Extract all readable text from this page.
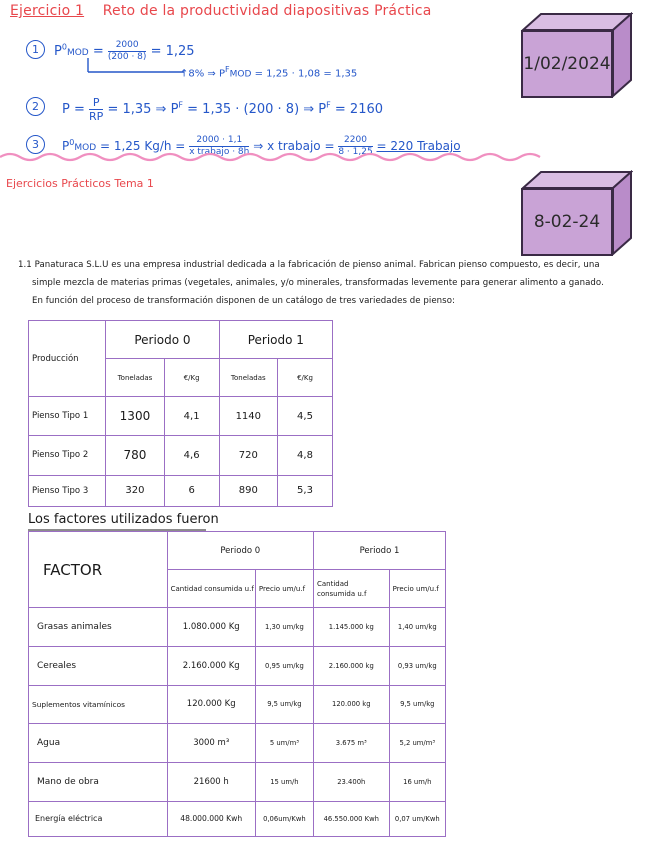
Ejercicio 1 Reto de la productividad diapositivas Práctica
1/02/2024
1	$P^0MOD = \frac{2000}{(200 \cdot 8)} = 1,25$
↑8% ⇒ $P^FMOD = 1,25 \cdot 1,08 = 1,35$
2	$P = \frac{P}{RP} = 1,35$ ⇒ $P^F = 1,35 \cdot (200 \cdot 8)$ ⇒ $P^F = 2160$
3	$P^0MOD = 1,25$ $Kg/h = \frac{2000 \cdot 1,1}{\text{x trabajo · 8h}}$ ⇒ x trabajo = $\frac{2200}{8 \cdot 1,25} = 220$ Trabajo
Ejercicios Prácticos Tema 1
8-02-24
1.1 Panaturaca S.L.U es una empresa industrial dedicada a la fabricación de pienso animal. Fabrican pienso compuesto, es decir, una
simple mezcla de materias primas (vegetales, animales, y/o minerales, transformadas levemente para generar alimento a ganado.
En función del proceso de transformación disponen de un catálogo de tres variedades de pienso:
Producción	Periodo 0		Periodo 1	
	Toneladas	€/Kg	Toneladas	€/Kg
Pienso Tipo 1	1300	4,1	1140	4,5
Pienso Tipo 2	780	4,6	720	4,8
Pienso Tipo 3	320	6	890	5,3
Los factores utilizados fueron
FACTOR	Periodo 0		Periodo 1	
	Cantidad consumida u.f	Precio um/u.f	Cantidad consumida u.f	Precio um/u.f
Grasas animales	1.080.000 Kg	1,30 um/kg	1.145.000 kg	1,40 um/kg
Cereales	2.160.000 Kg	0,95 um/kg	2.160.000 kg	0,93 um/kg
Suplementos vitamínicos	120.000 Kg	9,5 um/kg	120.000 kg	9,5 um/kg
Agua	3000 m³	5 um/m³	3.675 m³	5,2 um/m³
Mano de obra	21600 h	15 um/h	23.400h	16 um/h
Energía eléctrica	48.000.000 Kwh	0,06um/Kwh	46.550.000 Kwh	0,07 um/Kwh
